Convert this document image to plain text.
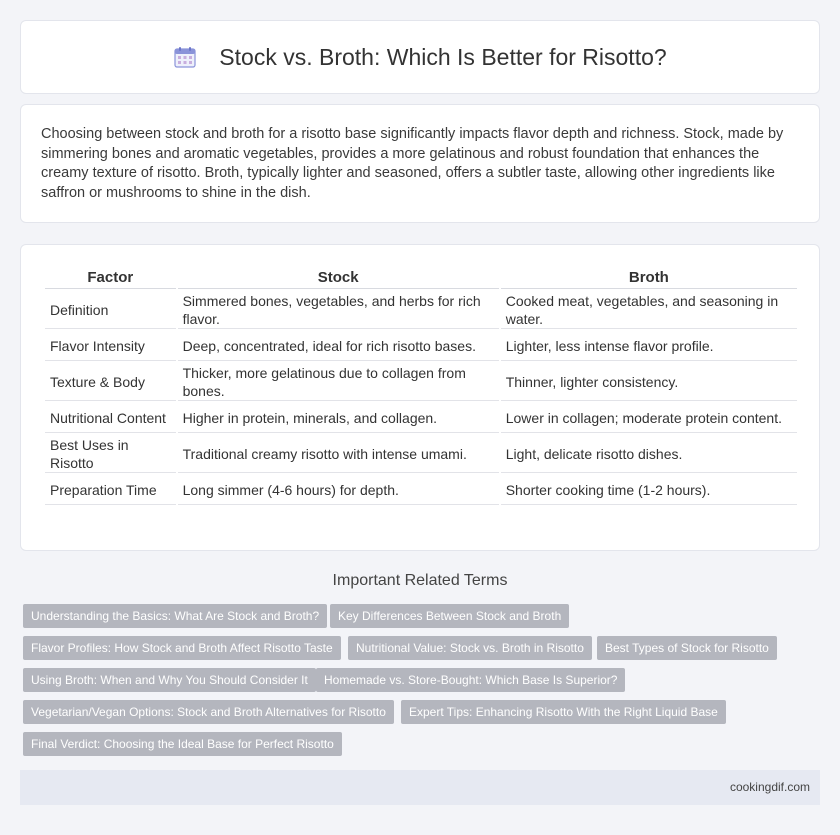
Stock vs. Broth: Which Is Better for Risotto?

Choosing between stock and broth for a risotto base significantly impacts flavor depth and richness. Stock, made by simmering bones and aromatic vegetables, provides a more gelatinous and robust foundation that enhances the creamy texture of risotto. Broth, typically lighter and seasoned, offers a subtler taste, allowing other ingredients like saffron or mushrooms to shine in the dish.

Factor	Stock	Broth
Definition	Simmered bones, vegetables, and herbs for rich flavor.	Cooked meat, vegetables, and seasoning in water.
Flavor Intensity	Deep, concentrated, ideal for rich risotto bases.	Lighter, less intense flavor profile.
Texture & Body	Thicker, more gelatinous due to collagen from bones.	Thinner, lighter consistency.
Nutritional Content	Higher in protein, minerals, and collagen.	Lower in collagen; moderate protein content.
Best Uses in Risotto	Traditional creamy risotto with intense umami.	Light, delicate risotto dishes.
Preparation Time	Long simmer (4-6 hours) for depth.	Shorter cooking time (1-2 hours).
Important Related Terms
Understanding the Basics: What Are Stock and Broth?	Key Differences Between Stock and Broth
Flavor Profiles: How Stock and Broth Affect Risotto Taste	Nutritional Value: Stock vs. Broth in Risotto	Best Types of Stock for Risotto
Using Broth: When and Why You Should Consider It	Homemade vs. Store-Bought: Which Base Is Superior?
Vegetarian/Vegan Options: Stock and Broth Alternatives for Risotto	Expert Tips: Enhancing Risotto With the Right Liquid Base
Final Verdict: Choosing the Ideal Base for Perfect Risotto
cookingdif.com
